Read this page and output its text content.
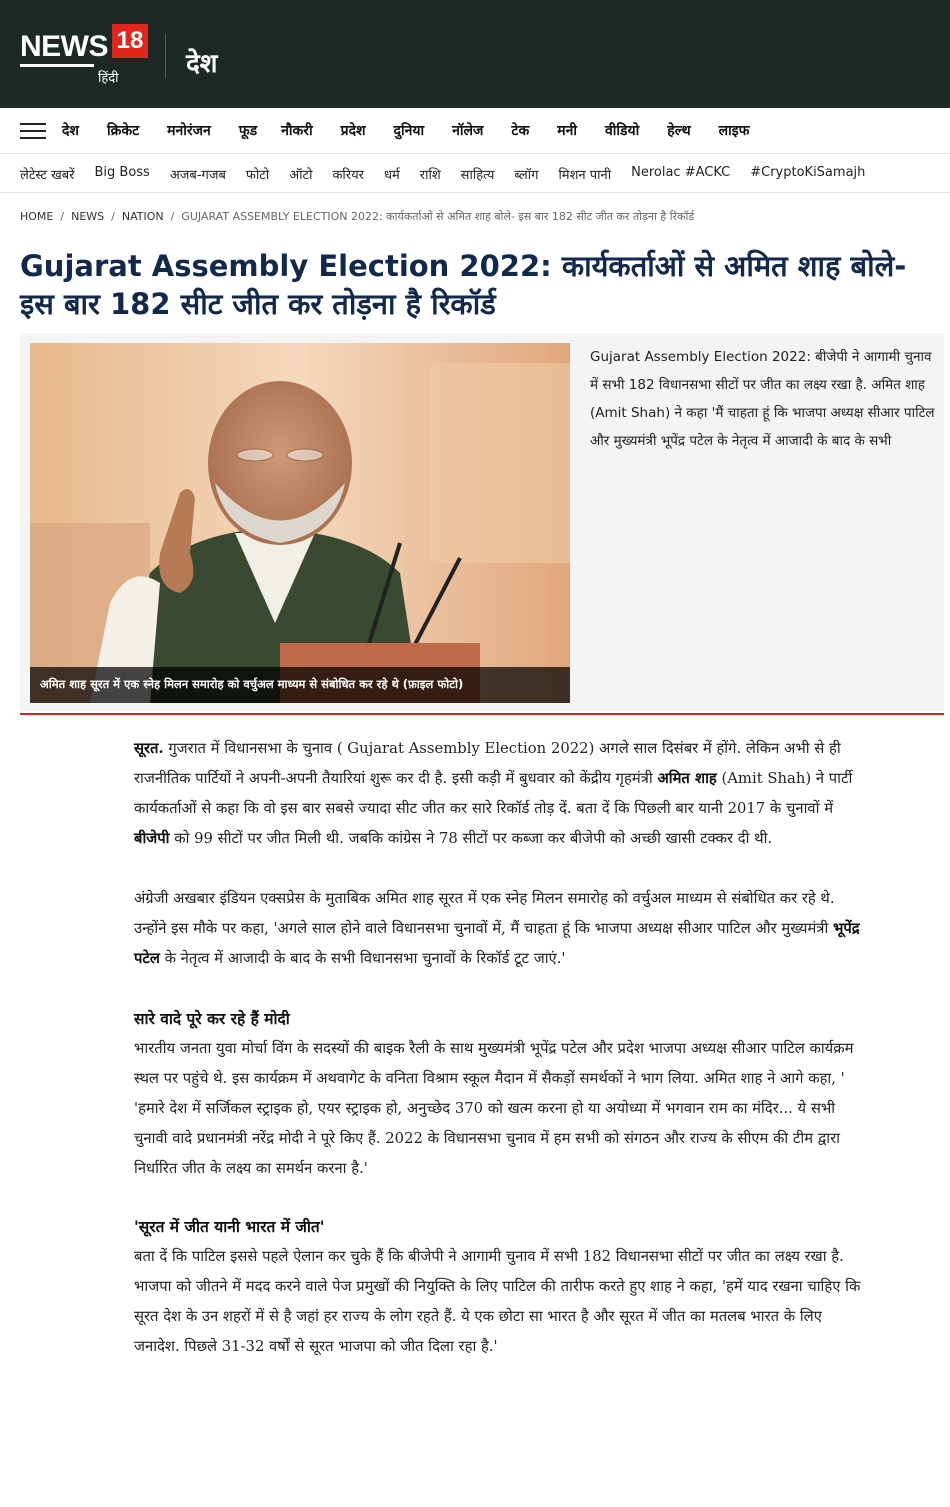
NEWS 18
हिंदी	देश
देश क्रिकेट मनोरंजन फूड नौकरी प्रदेश दुनिया नॉलेज टेक मनी वीडियो हेल्थ लाइफ
लेटेस्ट खबरें Big Boss अजब-गजब फोटो ऑटो करियर धर्म राशि साहित्य ब्लॉग मिशन पानी Nerolac #ACKC #CryptoKiSamajh
HOME / NEWS / NATION / GUJARAT ASSEMBLY ELECTION 2022: कार्यकर्ताओं से अमित शाह बोले- इस बार 182 सीट जीत कर तोड़ना है रिकॉर्ड
Gujarat Assembly Election 2022: कार्यकर्ताओं से अमित शाह बोले- इस बार 182 सीट जीत कर तोड़ना है रिकॉर्ड
अमित शाह सूरत में एक स्नेह मिलन समारोह को वर्चुअल माध्यम से संबोधित कर रहे थे (फ़ाइल फोटो)
Gujarat Assembly Election 2022: बीजेपी ने आगामी चुनाव में सभी 182 विधानसभा सीटों पर जीत का लक्ष्य रखा है. अमित शाह (Amit Shah) ने कहा 'मैं चाहता हूं कि भाजपा अध्यक्ष सीआर पाटिल और मुख्यमंत्री भूपेंद्र पटेल के नेतृत्व में आजादी के बाद के सभी

सूरत. गुजरात में विधानसभा के चुनाव ( Gujarat Assembly Election 2022) अगले साल दिसंबर में होंगे. लेकिन अभी से ही राजनीतिक पार्टियों ने अपनी-अपनी तैयारियां शुरू कर दी है. इसी कड़ी में बुधवार को केंद्रीय गृहमंत्री अमित शाह (Amit Shah) ने पार्टी कार्यकर्ताओं से कहा कि वो इस बार सबसे ज्यादा सीट जीत कर सारे रिकॉर्ड तोड़ दें. बता दें कि पिछली बार यानी 2017 के चुनावों में बीजेपी को 99 सीटों पर जीत मिली थी. जबकि कांग्रेस ने 78 सीटों पर कब्जा कर बीजेपी को अच्छी खासी टक्कर दी थी.

अंग्रेजी अखबार इंडियन एक्सप्रेस के मुताबिक अमित शाह सूरत में एक स्नेह मिलन समारोह को वर्चुअल माध्यम से संबोधित कर रहे थे. उन्होंने इस मौके पर कहा, 'अगले साल होने वाले विधानसभा चुनावों में, मैं चाहता हूं कि भाजपा अध्यक्ष सीआर पाटिल और मुख्यमंत्री भूपेंद्र पटेल के नेतृत्व में आजादी के बाद के सभी विधानसभा चुनावों के रिकॉर्ड टूट जाएं.'

सारे वादे पूरे कर रहे हैं मोदी

भारतीय जनता युवा मोर्चा विंग के सदस्यों की बाइक रैली के साथ मुख्यमंत्री भूपेंद्र पटेल और प्रदेश भाजपा अध्यक्ष सीआर पाटिल कार्यक्रम स्थल पर पहुंचे थे. इस कार्यक्रम में अथवागेट के वनिता विश्राम स्कूल मैदान में सैकड़ों समर्थकों ने भाग लिया. अमित शाह ने आगे कहा, ' 'हमारे देश में सर्जिकल स्ट्राइक हो, एयर स्ट्राइक हो, अनुच्छेद 370 को खत्म करना हो या अयोध्या में भगवान राम का मंदिर... ये सभी चुनावी वादे प्रधानमंत्री नरेंद्र मोदी ने पूरे किए हैं. 2022 के विधानसभा चुनाव में हम सभी को संगठन और राज्य के सीएम की टीम द्वारा निर्धारित जीत के लक्ष्य का समर्थन करना है.'

'सूरत में जीत यानी भारत में जीत'

बता दें कि पाटिल इससे पहले ऐलान कर चुके हैं कि बीजेपी ने आगामी चुनाव में सभी 182 विधानसभा सीटों पर जीत का लक्ष्य रखा है. भाजपा को जीतने में मदद करने वाले पेज प्रमुखों की नियुक्ति के लिए पाटिल की तारीफ करते हुए शाह ने कहा, 'हमें याद रखना चाहिए कि सूरत देश के उन शहरों में से है जहां हर राज्य के लोग रहते हैं. ये एक छोटा सा भारत है और सूरत में जीत का मतलब भारत के लिए जनादेश. पिछले 31-32 वर्षों से सूरत भाजपा को जीत दिला रहा है.'
